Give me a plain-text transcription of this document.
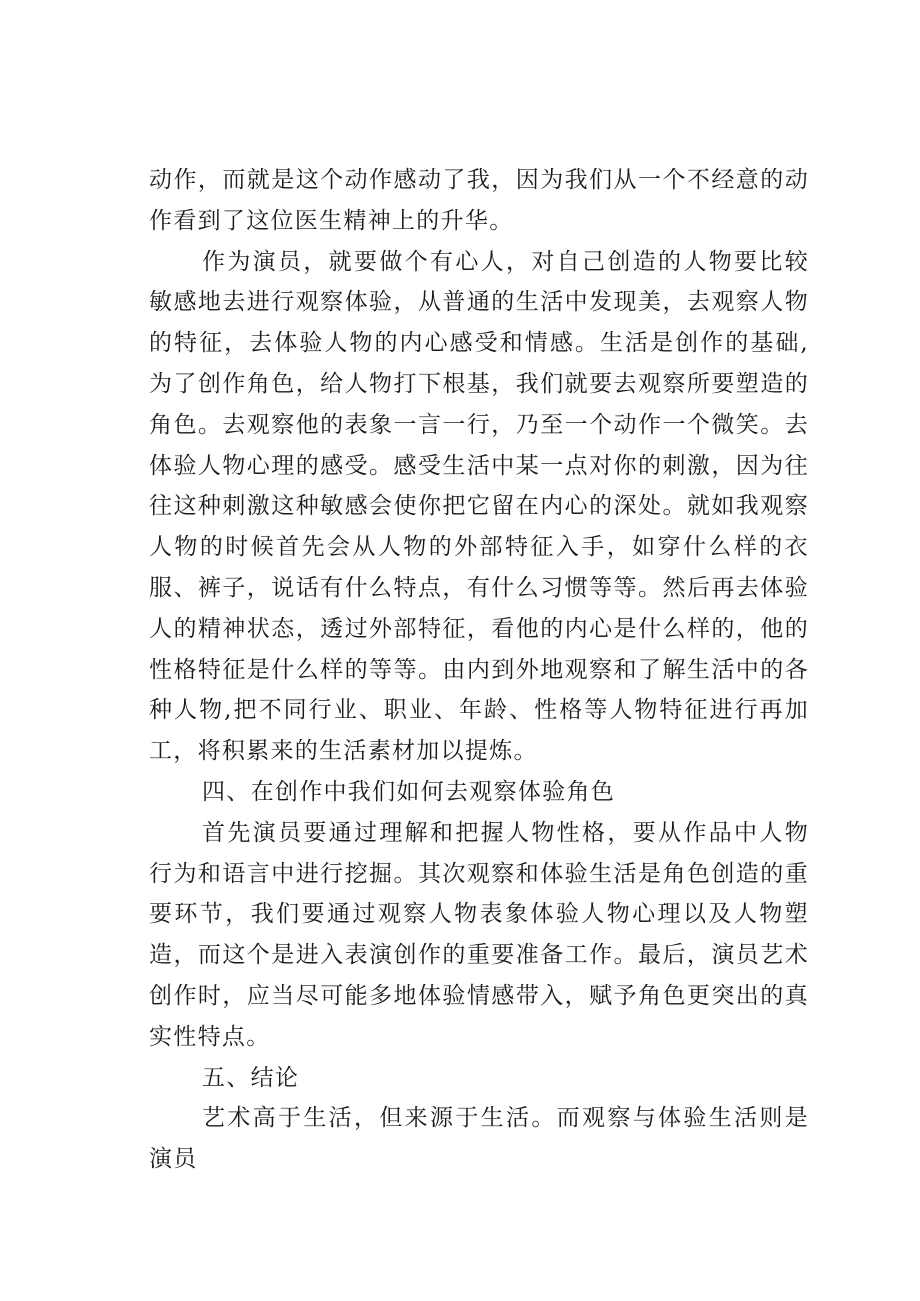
动作，而就是这个动作感动了我，因为我们从一个不经意的动作看到了这位医生精神上的升华。

作为演员，就要做个有心人，对自己创造的人物要比较敏感地去进行观察体验，从普通的生活中发现美，去观察人物的特征，去体验人物的内心感受和情感。生活是创作的基础,为了创作角色，给人物打下根基，我们就要去观察所要塑造的角色。去观察他的表象一言一行，乃至一个动作一个微笑。去体验人物心理的感受。感受生活中某一点对你的刺激，因为往往这种刺激这种敏感会使你把它留在内心的深处。就如我观察人物的时候首先会从人物的外部特征入手，如穿什么样的衣服、裤子，说话有什么特点，有什么习惯等等。然后再去体验人的精神状态，透过外部特征，看他的内心是什么样的，他的性格特征是什么样的等等。由内到外地观察和了解生活中的各种人物,把不同行业、职业、年龄、性格等人物特征进行再加工，将积累来的生活素材加以提炼。

四、在创作中我们如何去观察体验角色

首先演员要通过理解和把握人物性格，要从作品中人物行为和语言中进行挖掘。其次观察和体验生活是角色创造的重要环节，我们要通过观察人物表象体验人物心理以及人物塑造，而这个是进入表演创作的重要准备工作。最后，演员艺术创作时，应当尽可能多地体验情感带入，赋予角色更突出的真实性特点。

五、结论

艺术高于生活，但来源于生活。而观察与体验生活则是演员
